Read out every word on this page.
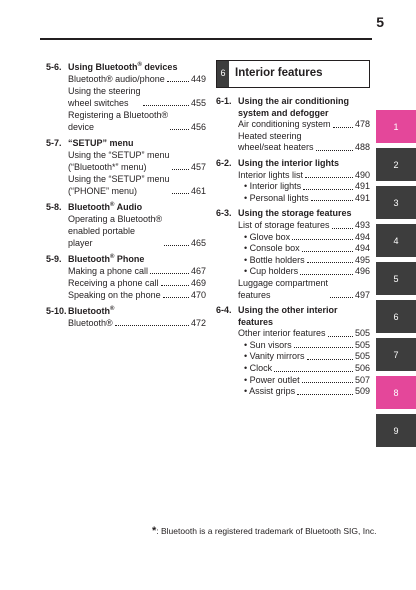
5
5-6. Using Bluetooth® devices
Bluetooth® audio/phone	449
Using the steering
wheel switches	455
Registering a Bluetooth®
device	456
5-7. “SETUP” menu
Using the “SETUP” menu
(“Bluetooth*” menu)	457
Using the “SETUP” menu
(“PHONE” menu)	461
5-8. Bluetooth® Audio
Operating a Bluetooth®
enabled portable
player	465
5-9. Bluetooth® Phone
Making a phone call	467
Receiving a phone call	469
Speaking on the phone	470
5-10. Bluetooth®
Bluetooth®	472
6 Interior features
6-1. Using the air conditioning
system and defogger
Air conditioning system	478
Heated steering
wheel/seat heaters	488
6-2. Using the interior lights
Interior lights list	490
• Interior lights	491
• Personal lights	491
6-3. Using the storage features
List of storage features	493
• Glove box	494
• Console box	494
• Bottle holders	495
• Cup holders	496
Luggage compartment
features	497
6-4. Using the other interior
features
Other interior features	505
• Sun visors	505
• Vanity mirrors	505
• Clock	506
• Power outlet	507
• Assist grips	509
1
2
3
4
5
6
7
8
9
*: Bluetooth is a registered trademark of Bluetooth SIG, Inc.
